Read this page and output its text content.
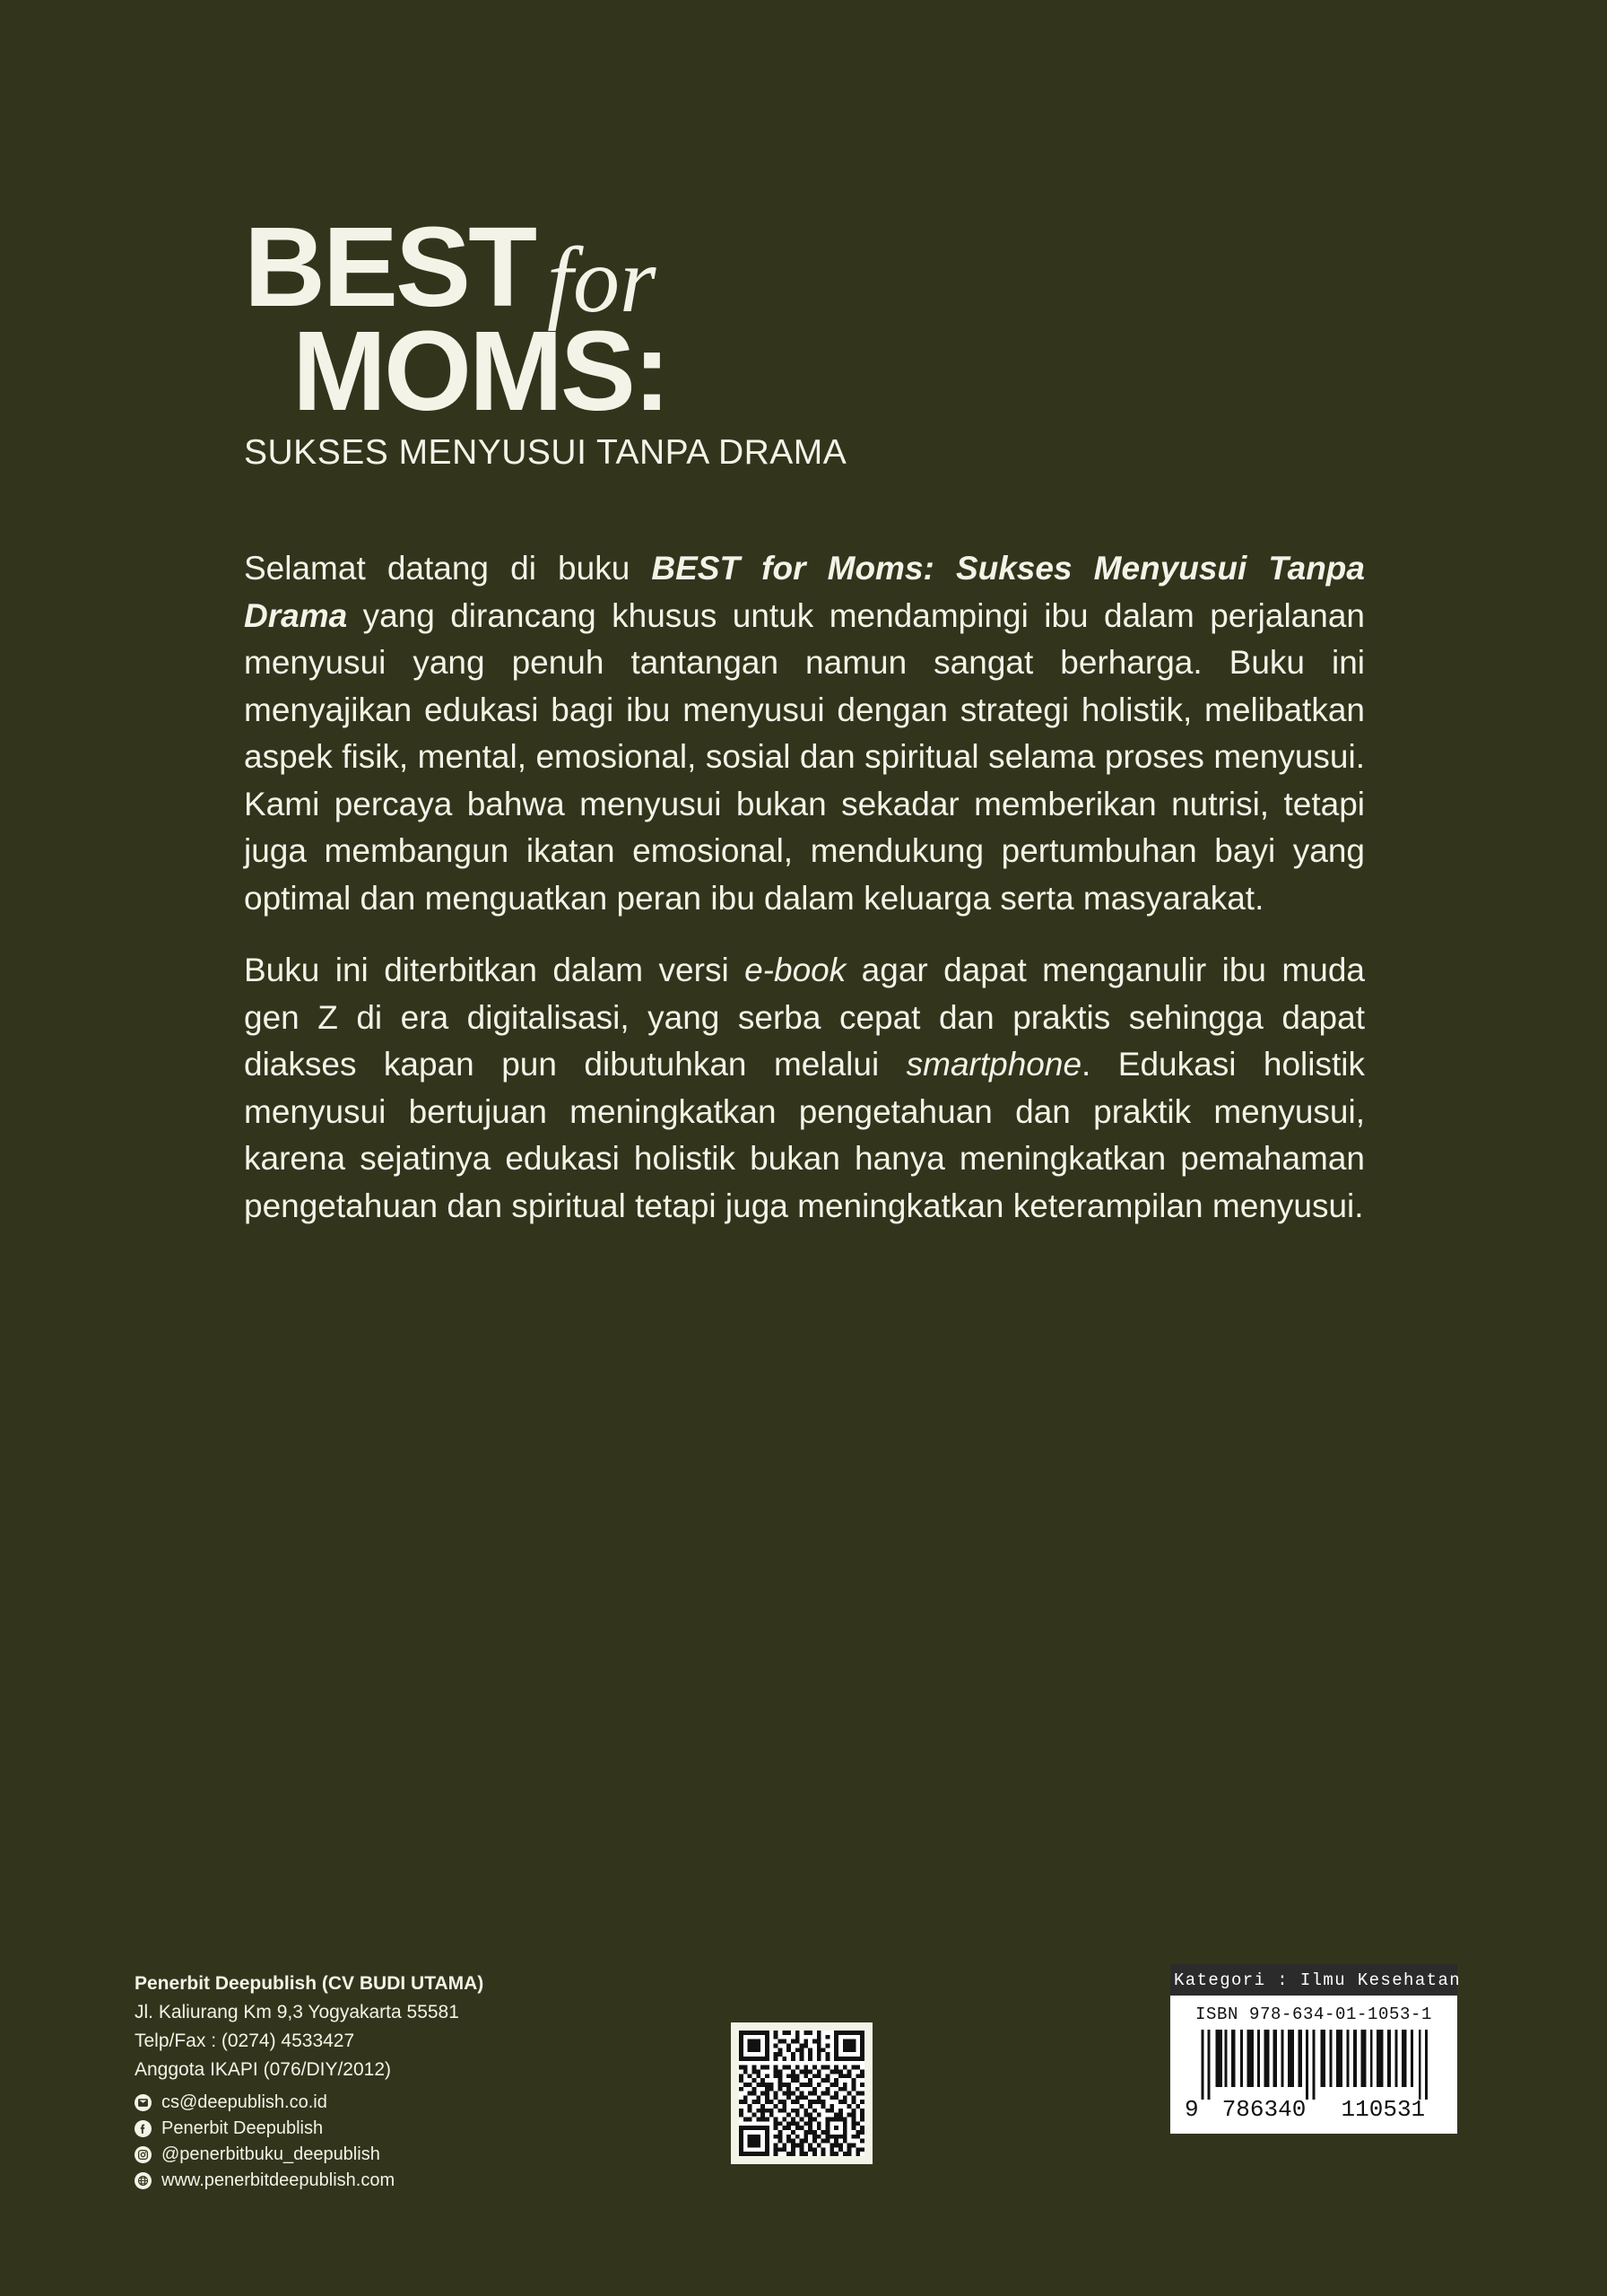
BEST for
MOMS:
SUKSES MENYUSUI TANPA DRAMA

Selamat datang di buku BEST for Moms: Sukses Menyusui Tanpa Drama yang dirancang khusus untuk mendampingi ibu dalam perjalanan menyusui yang penuh tantangan namun sangat berharga. Buku ini menyajikan edukasi bagi ibu menyusui dengan strategi holistik, melibatkan aspek fisik, mental, emosional, sosial dan spiritual selama proses menyusui. Kami percaya bahwa menyusui bukan sekadar memberikan nutrisi, tetapi juga membangun ikatan emosional, mendukung pertumbuhan bayi yang optimal dan menguatkan peran ibu dalam keluarga serta masyarakat.

Buku ini diterbitkan dalam versi e-book agar dapat menganulir ibu muda gen Z di era digitalisasi, yang serba cepat dan praktis sehingga dapat diakses kapan pun dibutuhkan melalui smartphone. Edukasi holistik menyusui bertujuan meningkatkan pengetahuan dan praktik menyusui, karena sejatinya edukasi holistik bukan hanya meningkatkan pemahaman pengetahuan dan spiritual tetapi juga meningkatkan keterampilan menyusui.

Penerbit Deepublish (CV BUDI UTAMA)
Jl. Kaliurang Km 9,3 Yogyakarta 55581
Telp/Fax : (0274) 4533427
Anggota IKAPI (076/DIY/2012)
cs@deepublish.co.id
Penerbit Deepublish
@penerbitbuku_deepublish
www.penerbitdeepublish.com
Kategori : Ilmu Kesehatan
ISBN 978-634-01-1053-1
9	786340	110531
